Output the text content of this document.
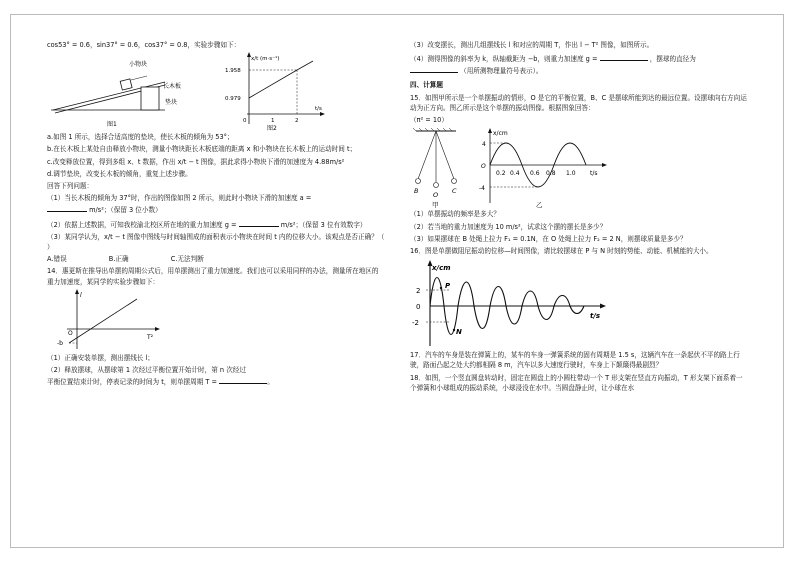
cos53° = 0.6，sin37° = 0.6，cos37° = 0.8，实验步骤如下：

小物块
长木板
垫块
图1
x/t (m·s⁻¹)
1.958
0.979
0	1	2
t/s
图2

a.如图 1 所示，选择合适高度的垫块，使长木板的倾角为 53°；

b.在长木板上某处自由释放小物块，测量小物块距长木板底端的距离 x 和小物块在长木板上的运动时间 t；

c.改变释放位置，得到多组 x、t 数据，作出 x/t − t 图像，据此求得小物块下滑的加速度为 4.88m/s²

d.调节垫块，改变长木板的倾角，重复上述步骤。

回答下列问题：

（1）当长木板的倾角为 37°时，作出的图像如图 2 所示，则此时小物块下滑的加速度 a =
m/s²；（保留 3 位小数）

（2）依据上述数据，可知我校渝北校区所在地的重力加速度 g =	m/s²；（保留 3 位有效数字）

（3）某同学认为，x/t − t 图像中图线与时间轴围成的面积表示小物块在时间 t 内的位移大小。该观点是否正确？（ ）

A.错误	B.正确	C.无法判断

14．惠更斯在推导出单摆的周期公式后，用单摆测出了重力加速度。我们也可以采用同样的办法，测量所在地区的重力加速度，某同学的实验步骤如下：

l
-b
O
T²

（1）正确安装单摆，测出摆线长 l；

（2）释放摆球，从摆球第 1 次经过平衡位置开始计时，第 n 次经过
平衡位置结束计时，停表记录的时间为 t，则单摆周期 T =	。

（3）改变摆长，测出几组摆线长 l 和对应的周期 T，作出 l − T² 图像，如图所示。

（4）测得图像的斜率为 k，纵轴截距为 −b，则重力加速度 g =	，摆球的直径为
（用所测物理量符号表示）。

四、计算题

15．如图甲所示是一个单摆振动的情形，O 是它的平衡位置，B、C 是摆球所能到达的最远位置。设摆球向右方向运动为正方向。图乙所示是这个单摆的振动图像。根据图象回答：

（π² = 10）

B O C
甲
x/cm
4
-4
O
0.2 0.4 0.6 0.8 1.0 t/s
乙

（1）单摆振动的频率是多大？

（2）若当地的重力加速度为 10 m/s²，试求这个摆的摆长是多少？

（3）如果摆球在 B 处绳上拉力 F₁ = 0.1N，在 O 处绳上拉力 F₂ = 2 N，则摆球质量是多少？

16．图是单摆做阻尼振动的位移—时间图像，请比较摆球在 P 与 N 时刻的势能、动能、机械能的大小。

x/cm
2
0
-2
P
N
t/s

17．汽车的车身是装在弹簧上的，某车的车身一弹簧系统的固有周期是 1.5 s，这辆汽车在一条起伏不平的路上行驶，路面凸起之处大约都相隔 8 m，汽车以多大速度行驶时，车身上下颠簸得最剧烈？

18．如图，一个竖直圆盘转动时，固定在圆盘上的小圆柱带动一个 T 形支架在竖直方向振动，T 形支架下面系着一个弹簧和小球组成的振动系统，小球浸没在水中。当圆盘静止时，让小球在水
